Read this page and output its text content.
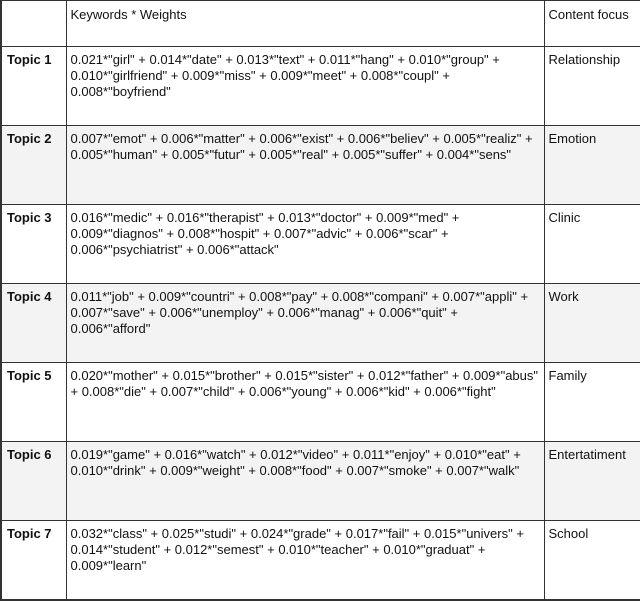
	Keywords * Weights	Content focus
Topic 1	0.021*"girl" + 0.014*"date" + 0.013*"text" + 0.011*"hang" + 0.010*"group" + 0.010*"girlfriend" + 0.009*"miss" + 0.009*"meet" + 0.008*"coupl" + 0.008*"boyfriend"	Relationship
Topic 2	0.007*"emot" + 0.006*"matter" + 0.006*"exist" + 0.006*"believ" + 0.005*"realiz" + 0.005*"human" + 0.005*"futur" + 0.005*"real" + 0.005*"suffer" + 0.004*"sens"	Emotion
Topic 3	0.016*"medic" + 0.016*"therapist" + 0.013*"doctor" + 0.009*"med" + 0.009*"diagnos" + 0.008*"hospit" + 0.007*"advic" + 0.006*"scar" + 0.006*"psychiatrist" + 0.006*"attack"	Clinic
Topic 4	0.011*"job" + 0.009*"countri" + 0.008*"pay" + 0.008*"compani" + 0.007*"appli" + 0.007*"save" + 0.006*"unemploy" + 0.006*"manag" + 0.006*"quit" + 0.006*"afford"	Work
Topic 5	0.020*"mother" + 0.015*"brother" + 0.015*"sister" + 0.012*"father" + 0.009*"abus" + 0.008*"die" + 0.007*"child" + 0.006*"young" + 0.006*"kid" + 0.006*"fight"	Family
Topic 6	0.019*"game" + 0.016*"watch" + 0.012*"video" + 0.011*"enjoy" + 0.010*"eat" + 0.010*"drink" + 0.009*"weight" + 0.008*"food" + 0.007*"smoke" + 0.007*"walk"	Entertatiment
Topic 7	0.032*"class" + 0.025*"studi" + 0.024*"grade" + 0.017*"fail" + 0.015*"univers" + 0.014*"student" + 0.012*"semest" + 0.010*"teacher" + 0.010*"graduat" + 0.009*"learn"	School
